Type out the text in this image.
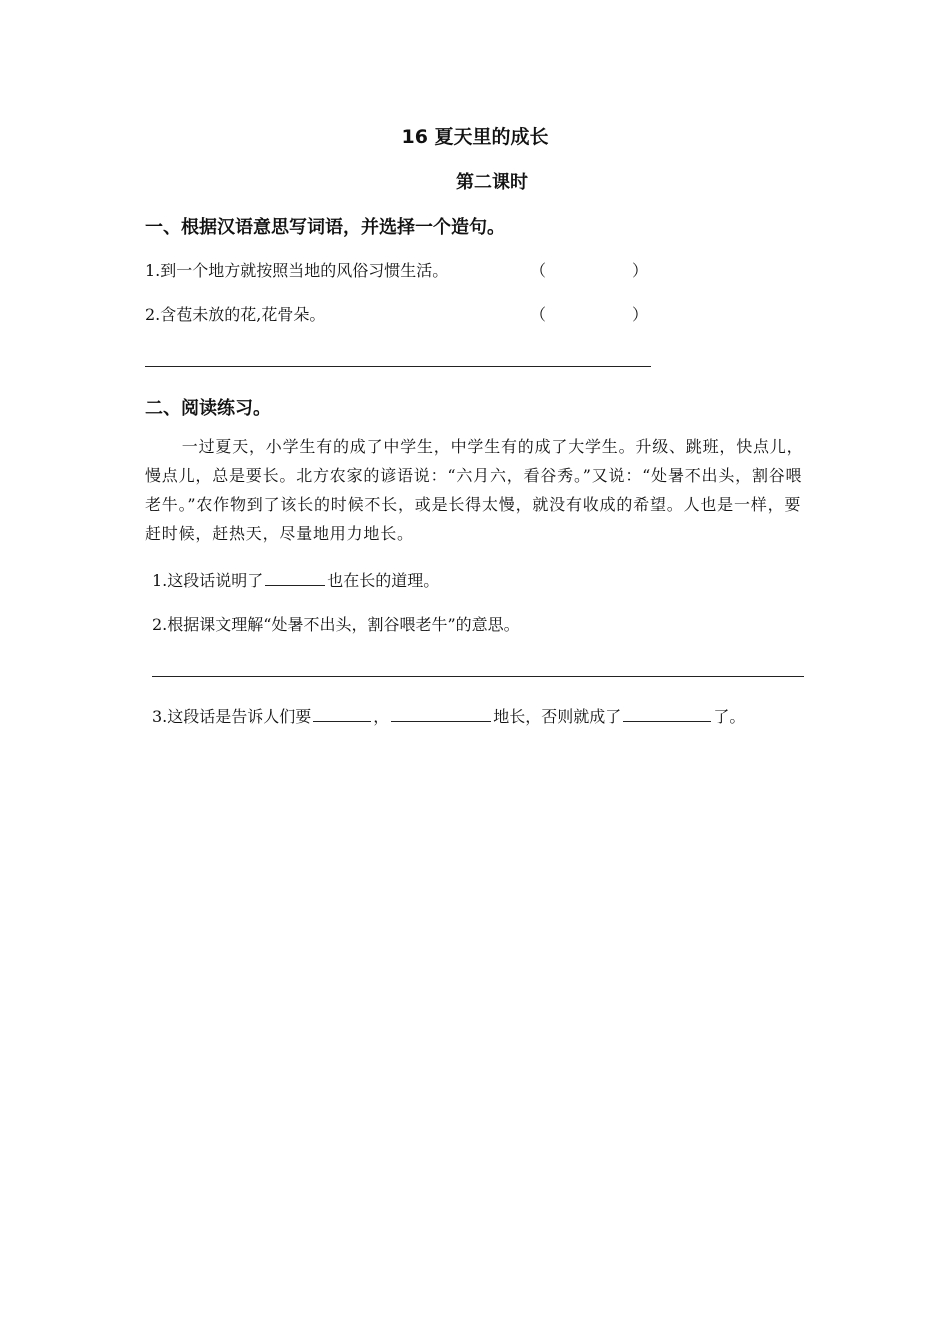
16 夏天里的成长
第二课时
一、根据汉语意思写词语，并选择一个造句。
1.到一个地方就按照当地的风俗习惯生活。	（	）
2.含苞未放的花,花骨朵。	（	）
二、阅读练习。

一过夏天，小学生有的成了中学生，中学生有的成了大学生。升级、跳班，快点儿，慢点儿，总是要长。北方农家的谚语说：“六月六，看谷秀。”又说：“处暑不出头，割谷喂老牛。”农作物到了该长的时候不长，或是长得太慢，就没有收成的希望。人也是一样，要赶时候，赶热天，尽量地用力地长。

1.这段话说明了	也在长的道理。
2.根据课文理解“处暑不出头，割谷喂老牛”的意思。
3.这段话是告诉人们要	，	地长，否则就成了	了。
